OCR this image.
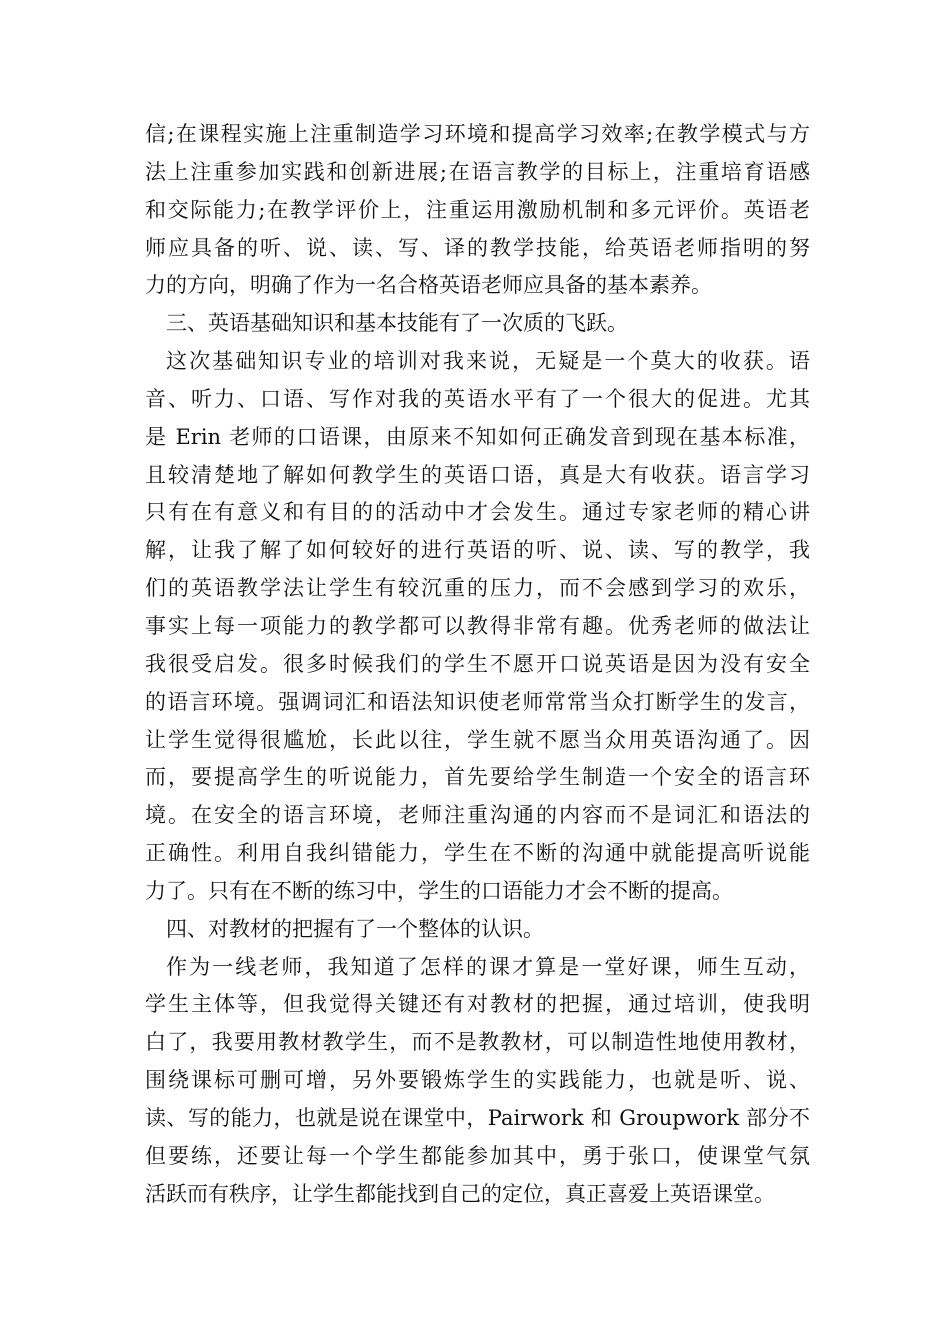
信;在课程实施上注重制造学习环境和提高学习效率;在教学模式与方
法上注重参加实践和创新进展;在语言教学的目标上，注重培育语感
和交际能力;在教学评价上，注重运用激励机制和多元评价。英语老
师应具备的听、说、读、写、译的教学技能，给英语老师指明的努
力的方向，明确了作为一名合格英语老师应具备的基本素养。
三、英语基础知识和基本技能有了一次质的飞跃。
这次基础知识专业的培训对我来说，无疑是一个莫大的收获。语
音、听力、口语、写作对我的英语水平有了一个很大的促进。尤其
是 Erin 老师的口语课，由原来不知如何正确发音到现在基本标准，
且较清楚地了解如何教学生的英语口语，真是大有收获。语言学习
只有在有意义和有目的的活动中才会发生。通过专家老师的精心讲
解，让我了解了如何较好的进行英语的听、说、读、写的教学，我
们的英语教学法让学生有较沉重的压力，而不会感到学习的欢乐，
事实上每一项能力的教学都可以教得非常有趣。优秀老师的做法让
我很受启发。很多时候我们的学生不愿开口说英语是因为没有安全
的语言环境。强调词汇和语法知识使老师常常当众打断学生的发言，
让学生觉得很尴尬，长此以往，学生就不愿当众用英语沟通了。因
而，要提高学生的听说能力，首先要给学生制造一个安全的语言环
境。在安全的语言环境，老师注重沟通的内容而不是词汇和语法的
正确性。利用自我纠错能力，学生在不断的沟通中就能提高听说能
力了。只有在不断的练习中，学生的口语能力才会不断的提高。
四、对教材的把握有了一个整体的认识。
作为一线老师，我知道了怎样的课才算是一堂好课，师生互动，
学生主体等，但我觉得关键还有对教材的把握，通过培训，使我明
白了，我要用教材教学生，而不是教教材，可以制造性地使用教材，
围绕课标可删可增，另外要锻炼学生的实践能力，也就是听、说、
读、写的能力，也就是说在课堂中，Pairwork 和 Groupwork 部分不
但要练，还要让每一个学生都能参加其中，勇于张口，使课堂气氛
活跃而有秩序，让学生都能找到自己的定位，真正喜爱上英语课堂。
